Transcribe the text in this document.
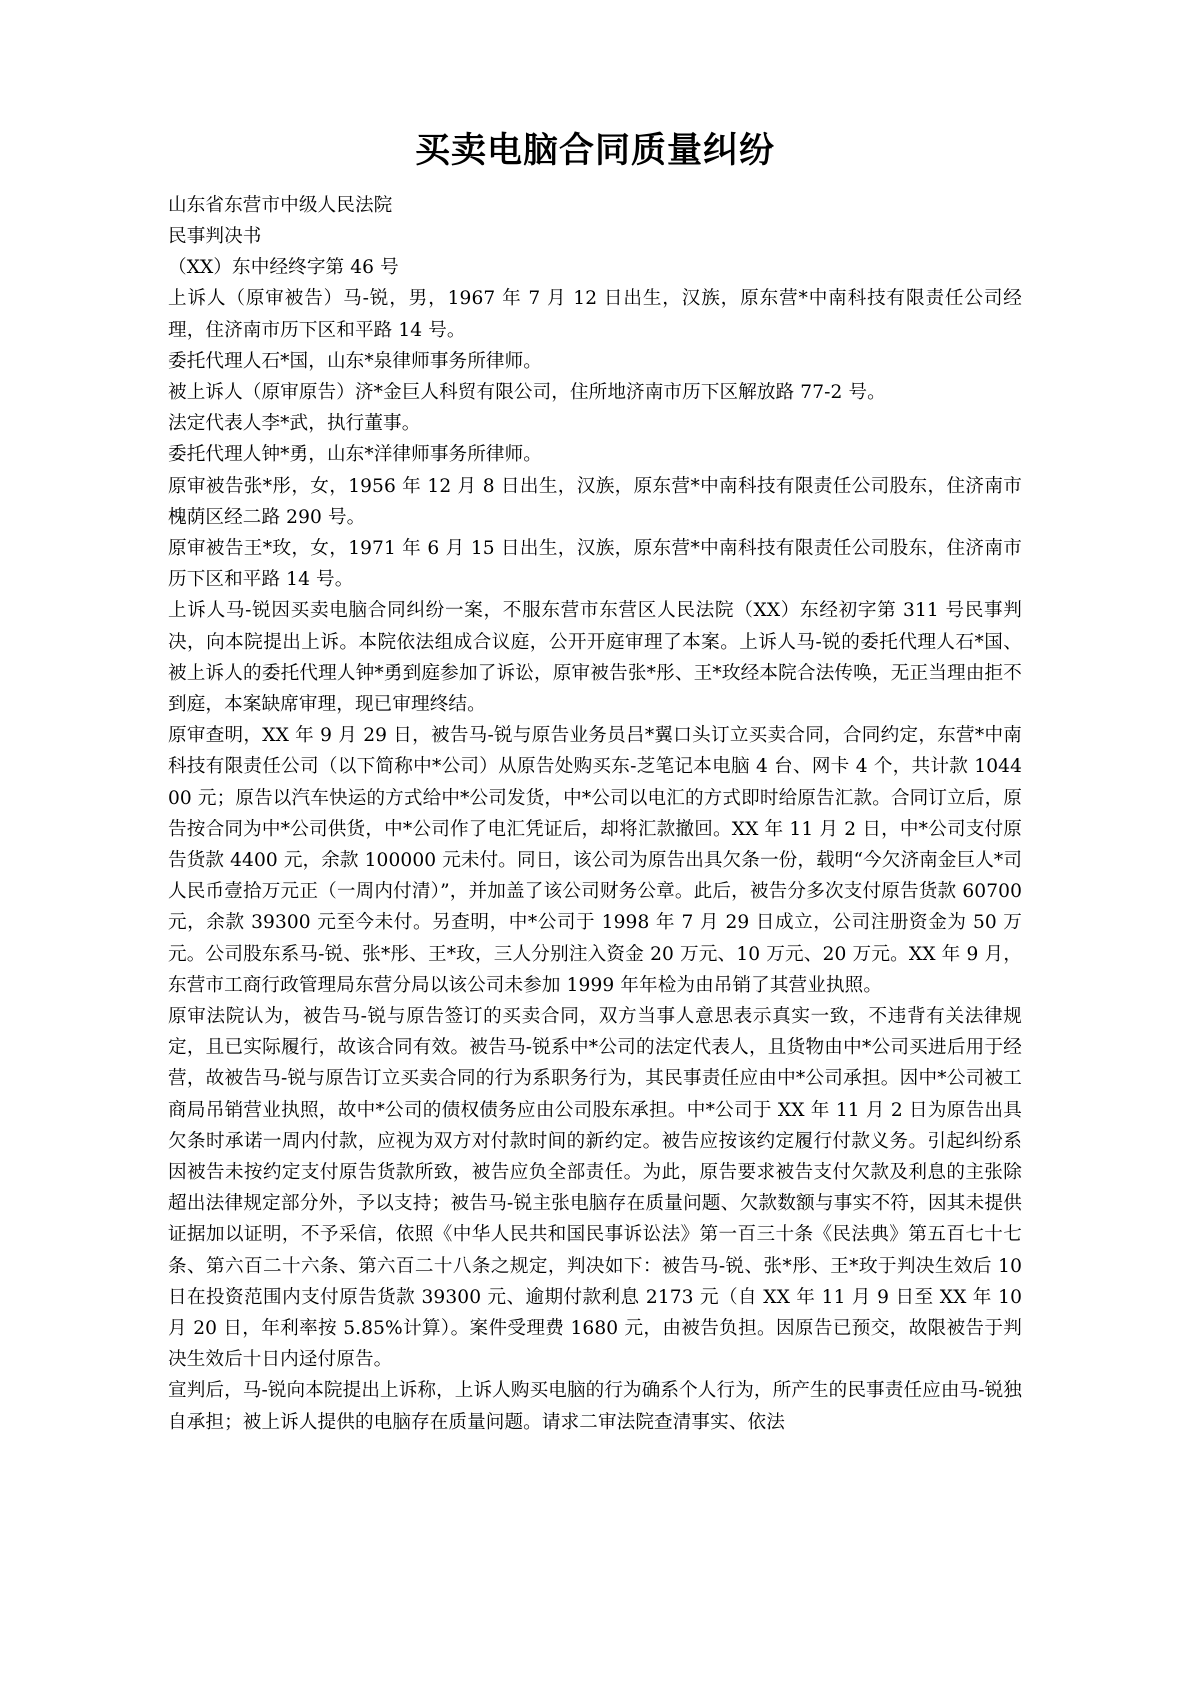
买卖电脑合同质量纠纷

山东省东营市中级人民法院

民事判决书

（XX）东中经终字第 46 号

上诉人（原审被告）马-锐，男，1967 年 7 月 12 日出生，汉族，原东营*中南科技有限责任公司经理，住济南市历下区和平路 14 号。

委托代理人石*国，山东*泉律师事务所律师。

被上诉人（原审原告）济*金巨人科贸有限公司，住所地济南市历下区解放路 77-2 号。

法定代表人李*武，执行董事。

委托代理人钟*勇，山东*洋律师事务所律师。

原审被告张*彤，女，1956 年 12 月 8 日出生，汉族，原东营*中南科技有限责任公司股东，住济南市槐荫区经二路 290 号。

原审被告王*玫，女，1971 年 6 月 15 日出生，汉族，原东营*中南科技有限责任公司股东，住济南市历下区和平路 14 号。

上诉人马-锐因买卖电脑合同纠纷一案，不服东营市东营区人民法院（XX）东经初字第 311 号民事判决，向本院提出上诉。本院依法组成合议庭，公开开庭审理了本案。上诉人马-锐的委托代理人石*国、被上诉人的委托代理人钟*勇到庭参加了诉讼，原审被告张*彤、王*玫经本院合法传唤，无正当理由拒不到庭，本案缺席审理，现已审理终结。

原审查明，XX 年 9 月 29 日，被告马-锐与原告业务员吕*翼口头订立买卖合同，合同约定，东营*中南科技有限责任公司（以下简称中*公司）从原告处购买东-芝笔记本电脑 4 台、网卡 4 个，共计款 104400 元；原告以汽车快运的方式给中*公司发货，中*公司以电汇的方式即时给原告汇款。合同订立后，原告按合同为中*公司供货，中*公司作了电汇凭证后，却将汇款撤回。XX 年 11 月 2 日，中*公司支付原告货款 4400 元，余款 100000 元未付。同日，该公司为原告出具欠条一份，载明“今欠济南金巨人*司人民币壹拾万元正（一周内付清）”，并加盖了该公司财务公章。此后，被告分多次支付原告货款 60700 元，余款 39300 元至今未付。另查明，中*公司于 1998 年 7 月 29 日成立，公司注册资金为 50 万元。公司股东系马-锐、张*彤、王*玫，三人分别注入资金 20 万元、10 万元、20 万元。XX 年 9 月，东营市工商行政管理局东营分局以该公司未参加 1999 年年检为由吊销了其营业执照。

原审法院认为，被告马-锐与原告签订的买卖合同，双方当事人意思表示真实一致，不违背有关法律规定，且已实际履行，故该合同有效。被告马-锐系中*公司的法定代表人，且货物由中*公司买进后用于经营，故被告马-锐与原告订立买卖合同的行为系职务行为，其民事责任应由中*公司承担。因中*公司被工商局吊销营业执照，故中*公司的债权债务应由公司股东承担。中*公司于 XX 年 11 月 2 日为原告出具欠条时承诺一周内付款，应视为双方对付款时间的新约定。被告应按该约定履行付款义务。引起纠纷系因被告未按约定支付原告货款所致，被告应负全部责任。为此，原告要求被告支付欠款及利息的主张除超出法律规定部分外，予以支持；被告马-锐主张电脑存在质量问题、欠款数额与事实不符，因其未提供证据加以证明，不予采信，依照《中华人民共和国民事诉讼法》第一百三十条《民法典》第五百七十七条、第六百二十六条、第六百二十八条之规定，判决如下：被告马-锐、张*彤、王*玫于判决生效后 10 日在投资范围内支付原告货款 39300 元、逾期付款利息 2173 元（自 XX 年 11 月 9 日至 XX 年 10 月 20 日，年利率按 5.85%计算）。案件受理费 1680 元，由被告负担。因原告已预交，故限被告于判决生效后十日内迳付原告。

宣判后，马-锐向本院提出上诉称，上诉人购买电脑的行为确系个人行为，所产生的民事责任应由马-锐独自承担；被上诉人提供的电脑存在质量问题。请求二审法院查清事实、依法
